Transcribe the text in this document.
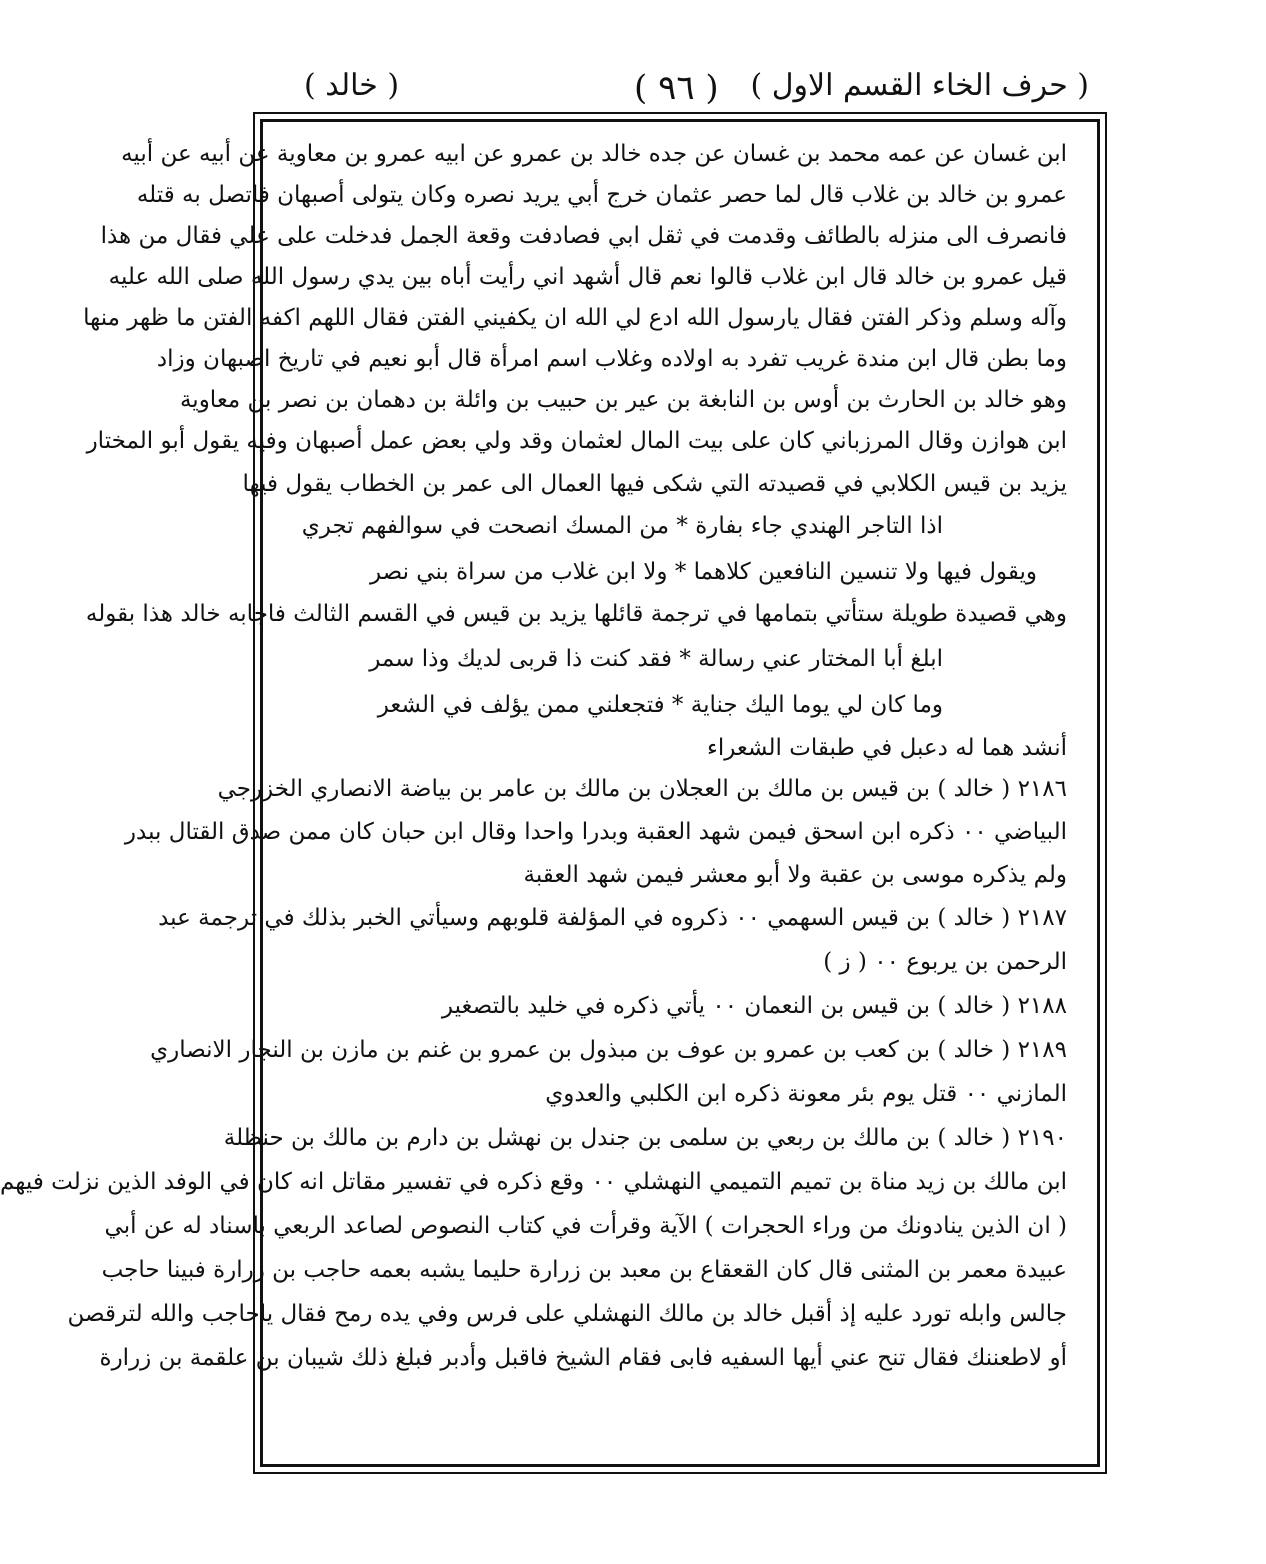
( حرف الخاء القسم الاول )
( ٩٦ )
( خالد )
ابن غسان عن عمه محمد بن غسان عن جده خالد بن عمرو عن ابيه عمرو بن معاوية عن أبيه عن أبيه
عمرو بن خالد بن غلاب قال لما حصر عثمان خرج أبي يريد نصره وكان يتولى أصبهان فاتصل به قتله
فانصرف الى منزله بالطائف وقدمت في ثقل ابي فصادفت وقعة الجمل فدخلت على علي فقال من هذا
قيل عمرو بن خالد قال ابن غلاب قالوا نعم قال أشهد اني رأيت أباه بين يدي رسول الله صلى الله عليه
وآله وسلم وذكر الفتن فقال يارسول الله ادع لي الله ان يكفيني الفتن فقال اللهم اكفه الفتن ما ظهر منها
وما بطن قال ابن مندة غريب تفرد به اولاده وغلاب اسم امرأة قال أبو نعيم في تاريخ اصبهان وزاد
وهو خالد بن الحارث بن أوس بن النابغة بن عير بن حبيب بن وائلة بن دهمان بن نصر بن معاوية
ابن هوازن وقال المرزباني كان على بيت المال لعثمان وقد ولي بعض عمل أصبهان وفيه يقول أبو المختار
يزيد بن قيس الكلابي في قصيدته التي شكى فيها العمال الى عمر بن الخطاب يقول فيها
اذا التاجر الهندي جاء بفارة * من المسك انصحت في سوالفهم تجري
ويقول فيها ولا تنسين النافعين كلاهما * ولا ابن غلاب من سراة بني نصر
وهي قصيدة طويلة ستأتي بتمامها في ترجمة قائلها يزيد بن قيس في القسم الثالث فاجابه خالد هذا بقوله
ابلغ أبا المختار عني رسالة * فقد كنت ذا قربى لديك وذا سمر
وما كان لي يوما اليك جناية * فتجعلني ممن يؤلف في الشعر
أنشد هما له دعبل في طبقات الشعراء
٢١٨٦ ( خالد ) بن قيس بن مالك بن العجلان بن مالك بن عامر بن بياضة الانصاري الخزرجي
البياضي ٠٠ ذكره ابن اسحق فيمن شهد العقبة وبدرا واحدا وقال ابن حبان كان ممن صدق القتال ببدر
ولم يذكره موسى بن عقبة ولا أبو معشر فيمن شهد العقبة
٢١٨٧ ( خالد ) بن قيس السهمي ٠٠ ذكروه في المؤلفة قلوبهم وسيأتي الخبر بذلك في ترجمة عبد
الرحمن بن يربوع ٠٠ ( ز )
٢١٨٨ ( خالد ) بن قيس بن النعمان ٠٠ يأتي ذكره في خليد بالتصغير
٢١٨٩ ( خالد ) بن كعب بن عمرو بن عوف بن مبذول بن عمرو بن غنم بن مازن بن النجار الانصاري
المازني ٠٠ قتل يوم بئر معونة ذكره ابن الكلبي والعدوي
٢١٩٠ ( خالد ) بن مالك بن ربعي بن سلمى بن جندل بن نهشل بن دارم بن مالك بن حنظلة
ابن مالك بن زيد مناة بن تميم التميمي النهشلي ٠٠ وقع ذكره في تفسير مقاتل انه كان في الوفد الذين نزلت فيهم
( ان الذين ينادونك من وراء الحجرات ) الآية وقرأت في كتاب النصوص لصاعد الربعي باسناد له عن أبي
عبيدة معمر بن المثنى قال كان القعقاع بن معبد بن زرارة حليما يشبه بعمه حاجب بن زرارة فبينا حاجب
جالس وابله تورد عليه إذ أقبل خالد بن مالك النهشلي على فرس وفي يده رمح فقال ياحاجب والله لترقصن
أو لاطعننك فقال تنح عني أيها السفيه فابى فقام الشيخ فاقبل وأدبر فبلغ ذلك شيبان بن علقمة بن زرارة
